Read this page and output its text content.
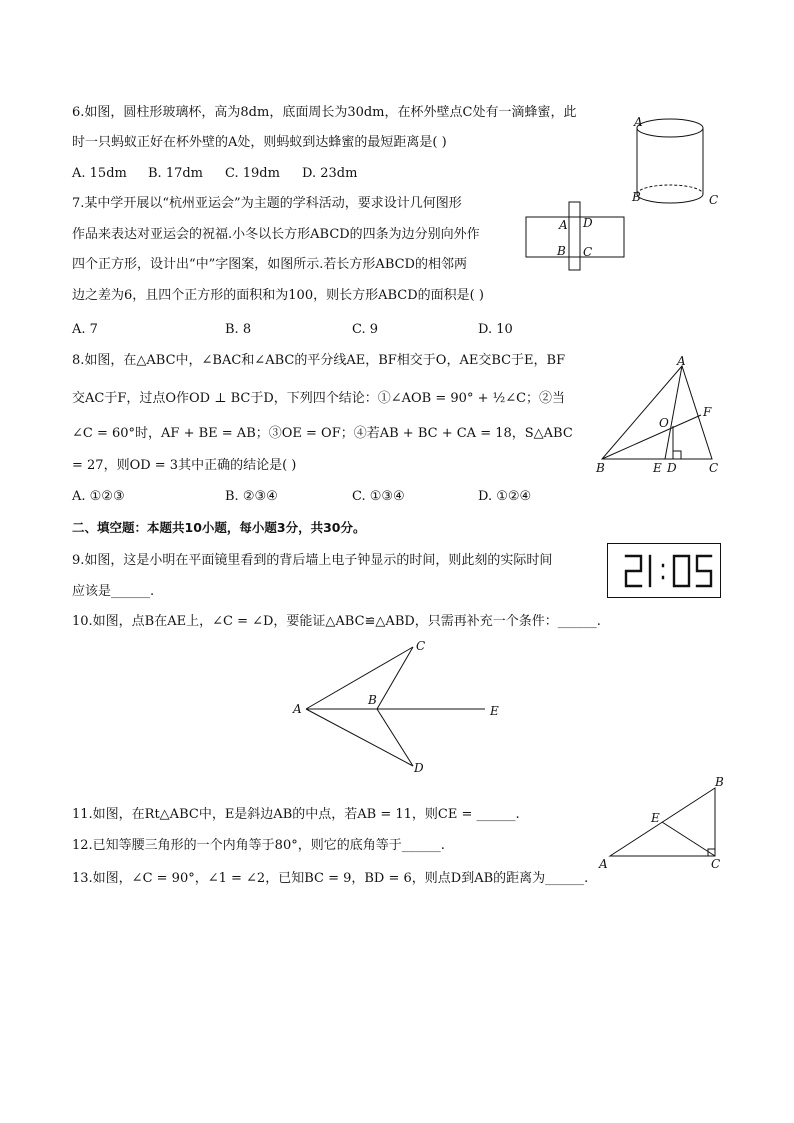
6.如图，圆柱形玻璃杯，高为8dm，底面周长为30dm，在杯外壁点C处有一滴蜂蜜，此
时一只蚂蚁正好在杯外壁的A处，则蚂蚁到达蜂蜜的最短距离是( )
A. 15dm B. 17dm C. 19dm D. 23dm
A
B	C
7.某中学开展以“杭州亚运会”为主题的学科活动，要求设计几何图形
作品来表达对亚运会的祝福.小冬以长方形ABCD的四条为边分别向外作
四个正方形，设计出“中”字图案，如图所示.若长方形ABCD的相邻两
边之差为6，且四个正方形的面积和为100，则长方形ABCD的面积是( )
A. 7	B. 8	C. 9	D. 10
A D
B C
8.如图，在△ABC中，∠BAC和∠ABC的平分线AE，BF相交于O，AE交BC于E，BF
交AC于F，过点O作OD ⊥ BC于D，下列四个结论：①∠AOB = 90° + ½∠C；②当
∠C = 60°时，AF + BE = AB；③OE = OF；④若AB + BC + CA = 18，S△ABC
= 27，则OD = 3其中正确的结论是( )
A. ①②③	B. ②③④	C. ①③④	D. ①②④
A
B	C
D
E
F
O
二、填空题：本题共10小题，每小题3分，共30分。
9.如图，这是小明在平面镜里看到的背后墙上电子钟显示的时间，则此刻的实际时间
应该是______.
10.如图，点B在AE上，∠C = ∠D，要能证△ABC≌△ABD，只需再补充一个条件：______.
A
B
C
D
E
11.如图，在Rt△ABC中，E是斜边AB的中点，若AB = 11，则CE = ______.
A
B
C
E
12.已知等腰三角形的一个内角等于80°，则它的底角等于______.
13.如图，∠C = 90°，∠1 = ∠2，已知BC = 9，BD = 6，则点D到AB的距离为______.
